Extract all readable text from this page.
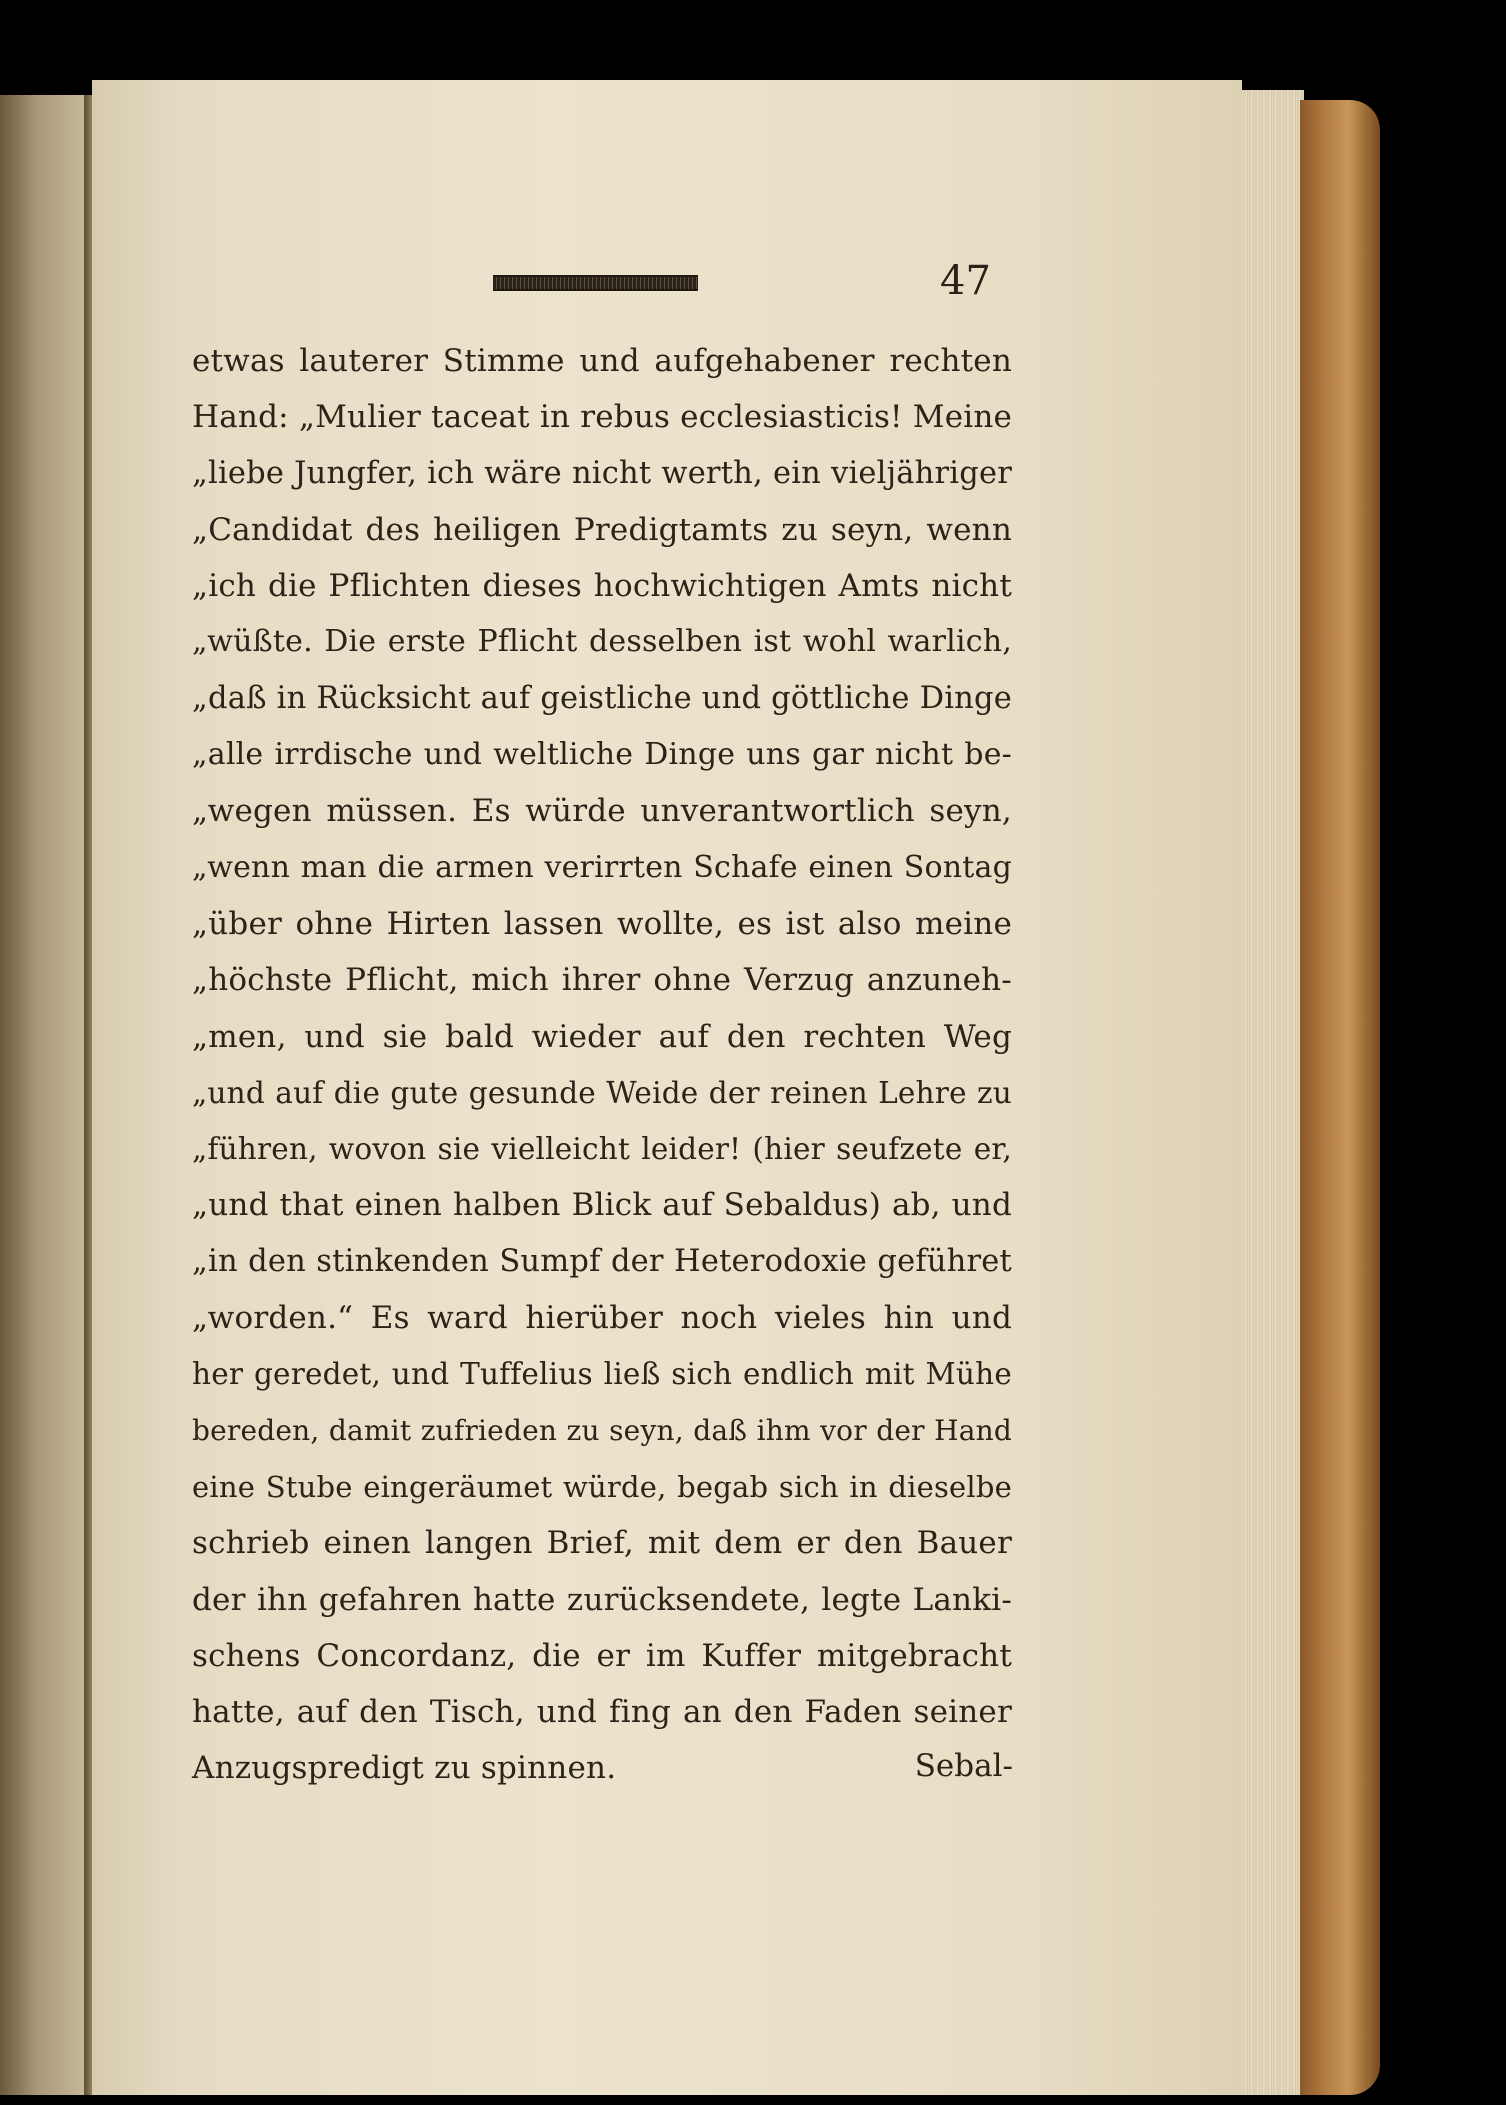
47
etwas lauterer Stimme und aufgehabener rechten
Hand: „Mulier taceat in rebus ecclesiasticis! Meine
„liebe Jungfer, ich wäre nicht werth, ein vieljähriger
„Candidat des heiligen Predigtamts zu seyn, wenn
„ich die Pflichten dieses hochwichtigen Amts nicht
„wüßte. Die erste Pflicht desselben ist wohl warlich,
„daß in Rücksicht auf geistliche und göttliche Dinge
„alle irrdische und weltliche Dinge uns gar nicht be-
„wegen müssen. Es würde unverantwortlich seyn,
„wenn man die armen verirrten Schafe einen Sontag
„über ohne Hirten lassen wollte, es ist also meine
„höchste Pflicht, mich ihrer ohne Verzug anzuneh-
„men, und sie bald wieder auf den rechten Weg
„und auf die gute gesunde Weide der reinen Lehre zu
„führen, wovon sie vielleicht leider! (hier seufzete er,
„und that einen halben Blick auf Sebaldus) ab, und
„in den stinkenden Sumpf der Heterodoxie geführet
„worden.“ Es ward hierüber noch vieles hin und
her geredet, und Tuffelius ließ sich endlich mit Mühe
bereden, damit zufrieden zu seyn, daß ihm vor der Hand
eine Stube eingeräumet würde, begab sich in dieselbe
schrieb einen langen Brief, mit dem er den Bauer
der ihn gefahren hatte zurücksendete, legte Lanki-
schens Concordanz, die er im Kuffer mitgebracht
hatte, auf den Tisch, und fing an den Faden seiner
Anzugspredigt zu spinnen.	Sebal-
